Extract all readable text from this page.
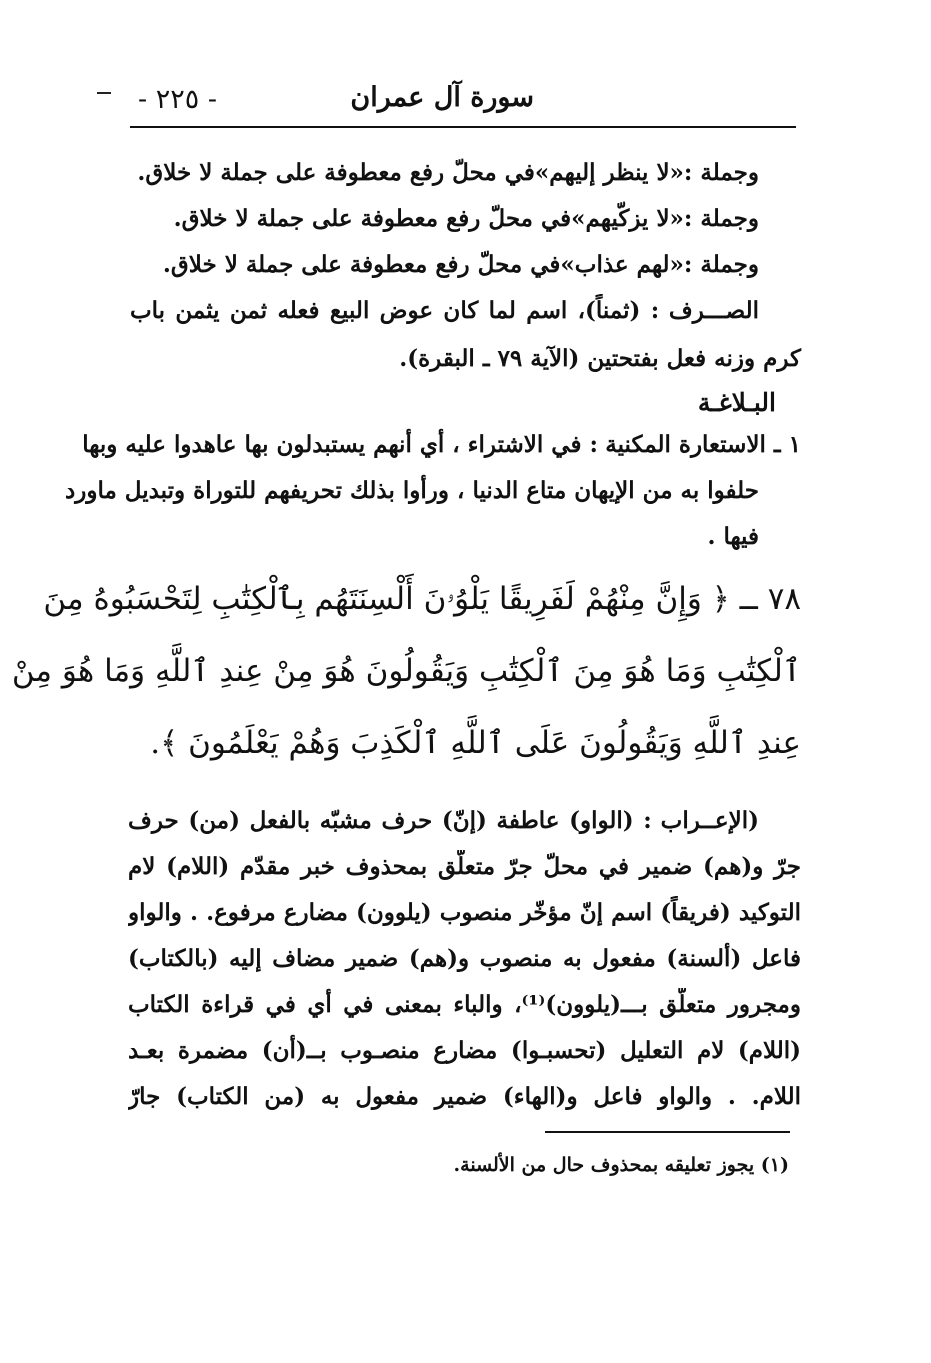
- ٢٢٥ -	سورة آل عمران
وجملة :«لا ينظر إليهم»في محلّ رفع معطوفة على جملة لا خلاق.
وجملة :«لا يزكّيهم»في محلّ رفع معطوفة على جملة لا خلاق.
وجملة :«لهم عذاب»في محلّ رفع معطوفة على جملة لا خلاق.
الصـــرف : (ثمناً)، اسم لما كان عوض البيع فعله ثمن يثمن باب
كرم وزنه فعل بفتحتين (الآية ٧٩ ـ البقرة).
البـلاغـة
١ ـ الاستعارة المكنية : في الاشتراء ، أي أنهم يستبدلون بها عاهدوا عليه وبها
حلفوا به من الإيهان متاع الدنيا ، ورأوا بذلك تحريفهم للتوراة وتبديل ماورد
فيها .
٧٨ ــ ﴿ وَإِنَّ مِنْهُمْ لَفَرِيقًا يَلْوُۥنَ أَلْسِنَتَهُم بِٱلْكِتَٰبِ لِتَحْسَبُوهُ مِنَ
ٱلْكِتَٰبِ وَمَا هُوَ مِنَ ٱلْكِتَٰبِ وَيَقُولُونَ هُوَ مِنْ عِندِ ٱللَّهِ وَمَا هُوَ مِنْ
عِندِ ٱللَّهِ وَيَقُولُونَ عَلَى ٱللَّهِ ٱلْكَذِبَ وَهُمْ يَعْلَمُونَ ﴾.
(الإعــراب : (الواو) عاطفة (إنّ) حرف مشبّه بالفعل (من) حرف
جرّ و(هم) ضمير في محلّ جرّ متعلّق بمحذوف خبر مقدّم (اللام) لام
التوكيد (فريقاً) اسم إنّ مؤخّر منصوب (يلوون) مضارع مرفوع. . والواو
فاعل (ألسنة) مفعول به منصوب و(هم) ضمير مضاف إليه (بالكتاب)
ومجرور متعلّق بـــ(يلوون)⁽¹⁾، والباء بمعنى في أي في قراءة الكتاب
(اللام) لام التعليل (تحسبـوا) مضارع منصـوب بــ(أن) مضمرة بعـد
اللام. . والواو فاعل و(الهاء) ضمير مفعول به (من الكتاب) جارّ
(١) يجوز تعليقه بمحذوف حال من الألسنة.
